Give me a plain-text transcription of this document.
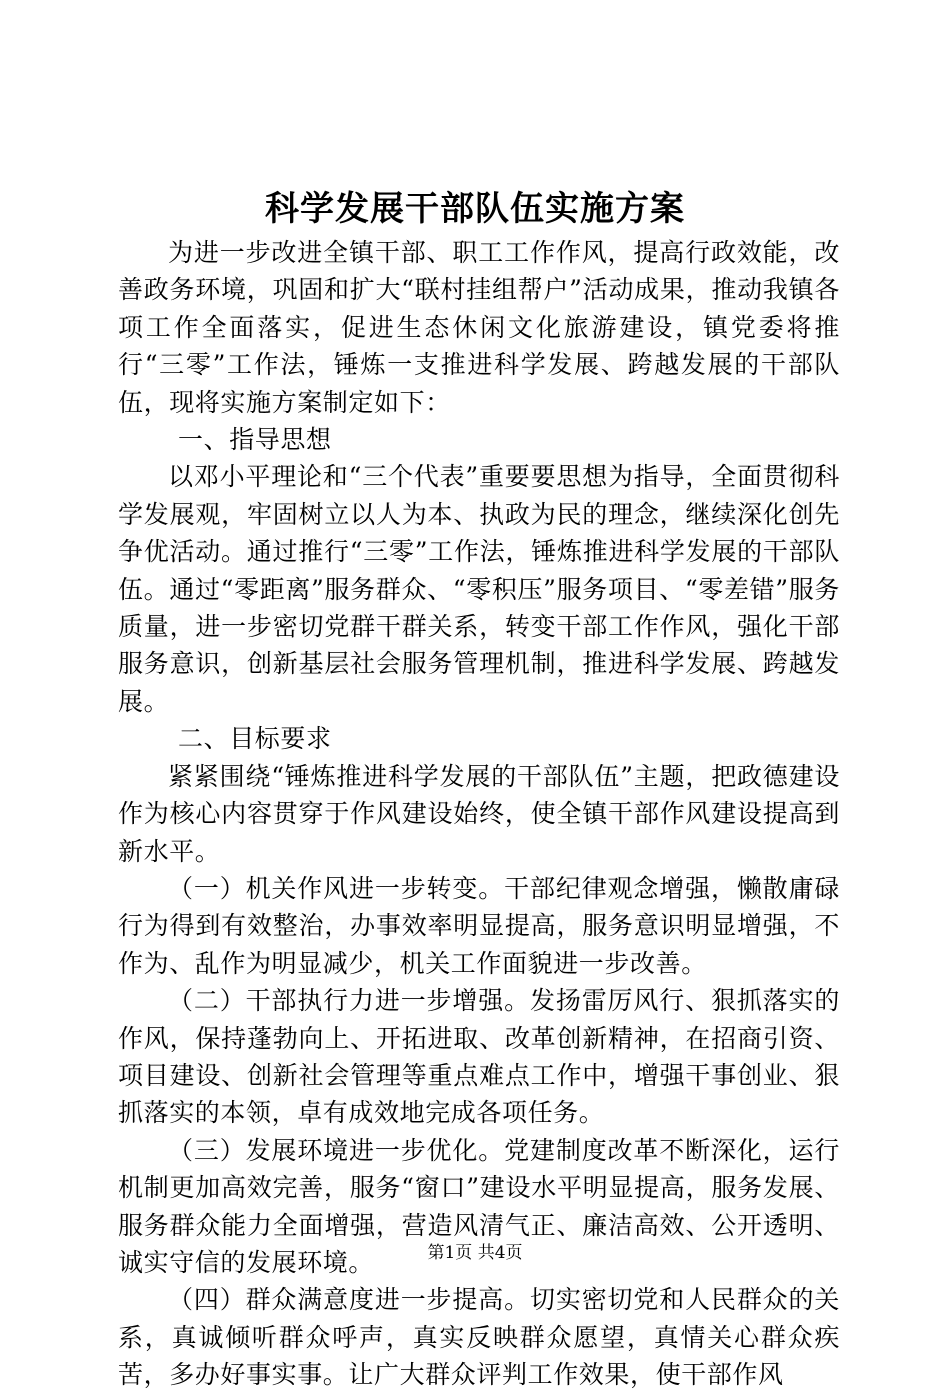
科学发展干部队伍实施方案

为进一步改进全镇干部、职工工作作风，提高行政效能，改善政务环境，巩固和扩大“联村挂组帮户”活动成果，推动我镇各项工作全面落实，促进生态休闲文化旅游建设，镇党委将推行“三零”工作法，锤炼一支推进科学发展、跨越发展的干部队伍，现将实施方案制定如下：

一、指导思想

以邓小平理论和“三个代表”重要要思想为指导，全面贯彻科学发展观，牢固树立以人为本、执政为民的理念，继续深化创先争优活动。通过推行“三零”工作法，锤炼推进科学发展的干部队伍。通过“零距离”服务群众、“零积压”服务项目、“零差错”服务质量，进一步密切党群干群关系，转变干部工作作风，强化干部服务意识，创新基层社会服务管理机制，推进科学发展、跨越发展。

二、目标要求

紧紧围绕“锤炼推进科学发展的干部队伍”主题，把政德建设作为核心内容贯穿于作风建设始终，使全镇干部作风建设提高到新水平。

（一）机关作风进一步转变。干部纪律观念增强，懒散庸碌行为得到有效整治，办事效率明显提高，服务意识明显增强，不作为、乱作为明显减少，机关工作面貌进一步改善。

（二）干部执行力进一步增强。发扬雷厉风行、狠抓落实的作风，保持蓬勃向上、开拓进取、改革创新精神，在招商引资、项目建设、创新社会管理等重点难点工作中，增强干事创业、狠抓落实的本领，卓有成效地完成各项任务。

（三）发展环境进一步优化。党建制度改革不断深化，运行机制更加高效完善，服务“窗口”建设水平明显提高，服务发展、服务群众能力全面增强，营造风清气正、廉洁高效、公开透明、诚实守信的发展环境。

（四）群众满意度进一步提高。切实密切党和人民群众的关系，真诚倾听群众呼声，真实反映群众愿望，真情关心群众疾苦，多办好事实事。让广大群众评判工作效果，使干部作风

第1页 共4页
